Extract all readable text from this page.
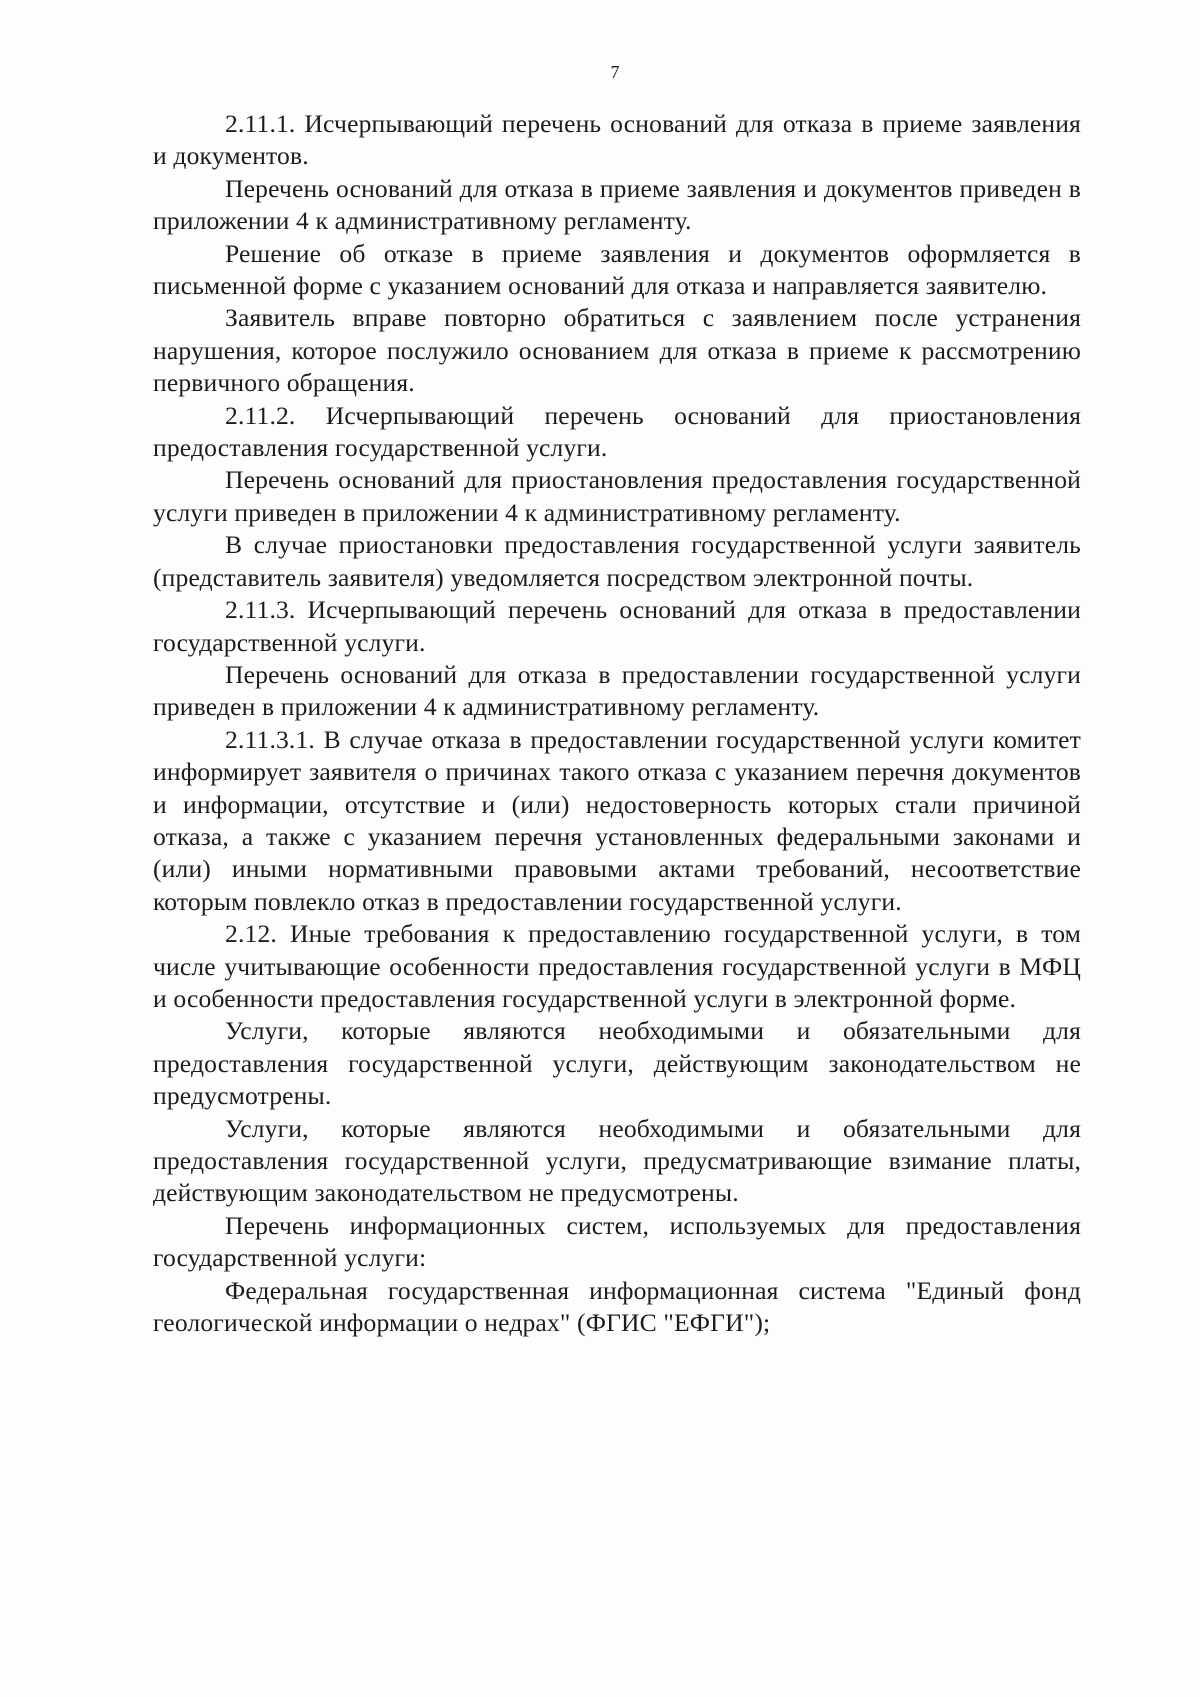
7

2.11.1. Исчерпывающий перечень оснований для отказа в приеме заявления и документов.

Перечень оснований для отказа в приеме заявления и документов приведен в приложении 4 к административному регламенту.

Решение об отказе в приеме заявления и документов оформляется в письменной форме с указанием оснований для отказа и направляется заявителю.

Заявитель вправе повторно обратиться с заявлением после устранения нарушения, которое послужило основанием для отказа в приеме к рассмотрению первичного обращения.

2.11.2. Исчерпывающий перечень оснований для приостановления предоставления государственной услуги.

Перечень оснований для приостановления предоставления государственной услуги приведен в приложении 4 к административному регламенту.

В случае приостановки предоставления государственной услуги заявитель (представитель заявителя) уведомляется посредством электронной почты.

2.11.3. Исчерпывающий перечень оснований для отказа в предоставлении государственной услуги.

Перечень оснований для отказа в предоставлении государственной услуги приведен в приложении 4 к административному регламенту.

2.11.3.1. В случае отказа в предоставлении государственной услуги комитет информирует заявителя о причинах такого отказа с указанием перечня документов и информации, отсутствие и (или) недостоверность которых стали причиной отказа, а также с указанием перечня установленных федеральными законами и (или) иными нормативными правовыми актами требований, несоответствие которым повлекло отказ в предоставлении государственной услуги.

2.12. Иные требования к предоставлению государственной услуги, в том числе учитывающие особенности предоставления государственной услуги в МФЦ и особенности предоставления государственной услуги в электронной форме.

Услуги, которые являются необходимыми и обязательными для предоставления государственной услуги, действующим законодательством не предусмотрены.

Услуги, которые являются необходимыми и обязательными для предоставления государственной услуги, предусматривающие взимание платы, действующим законодательством не предусмотрены.

Перечень информационных систем, используемых для предоставления государственной услуги:

Федеральная государственная информационная система "Единый фонд геологической информации о недрах" (ФГИС "ЕФГИ");
